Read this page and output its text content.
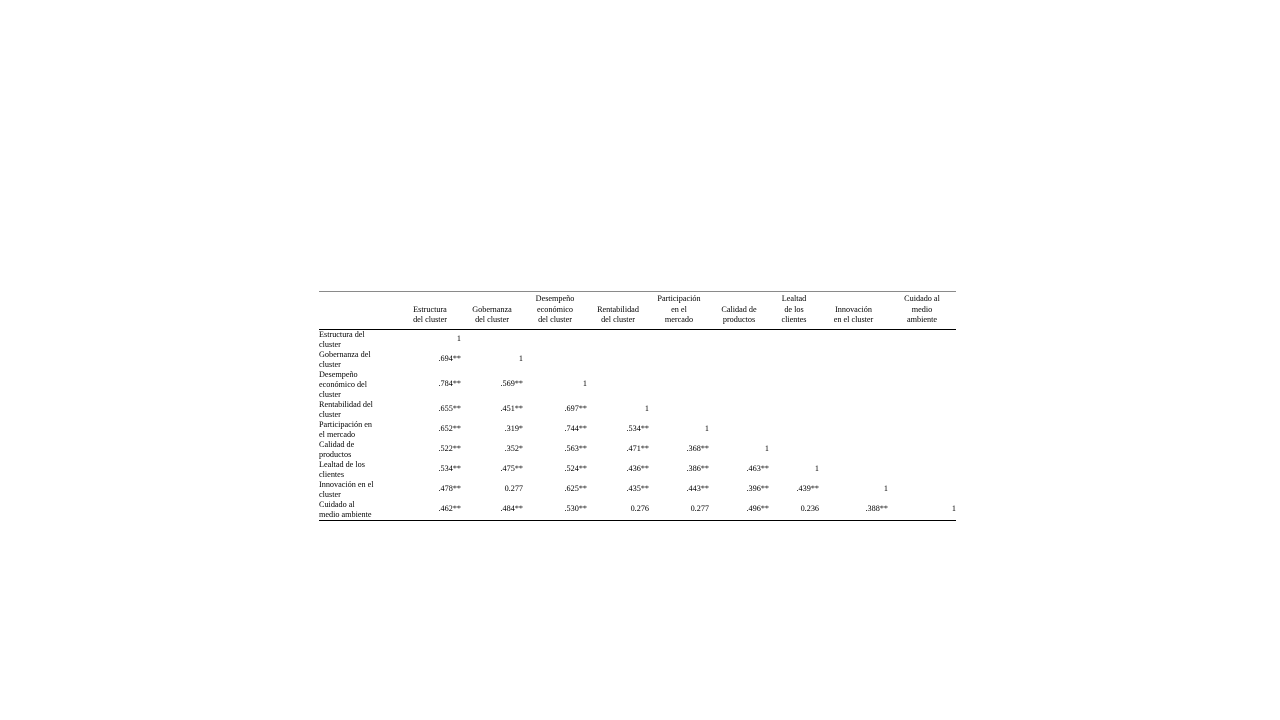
	Estructura
del cluster	Gobernanza
del cluster	Desempeño
económico
del cluster	Rentabilidad
del cluster	Participación
en el
mercado	Calidad de
productos	Lealtad
de los
clientes	Innovación
en el cluster	Cuidado al
medio
ambiente

Estructura del
cluster	1								

Gobernanza del
cluster	.694**	1							

Desempeño
económico del
cluster	.784**	.569**	1						

Rentabilidad del
cluster	.655**	.451**	.697**	1					

Participación en
el mercado	.652**	.319*	.744**	.534**	1				

Calidad de
productos	.522**	.352*	.563**	.471**	.368**	1			

Lealtad de los
clientes	.534**	.475**	.524**	.436**	.386**	.463**	1		

Innovación en el
cluster	.478**	0.277	.625**	.435**	.443**	.396**	.439**	1	

Cuidado al
medio ambiente	.462**	.484**	.530**	0.276	0.277	.496**	0.236	.388**	1
